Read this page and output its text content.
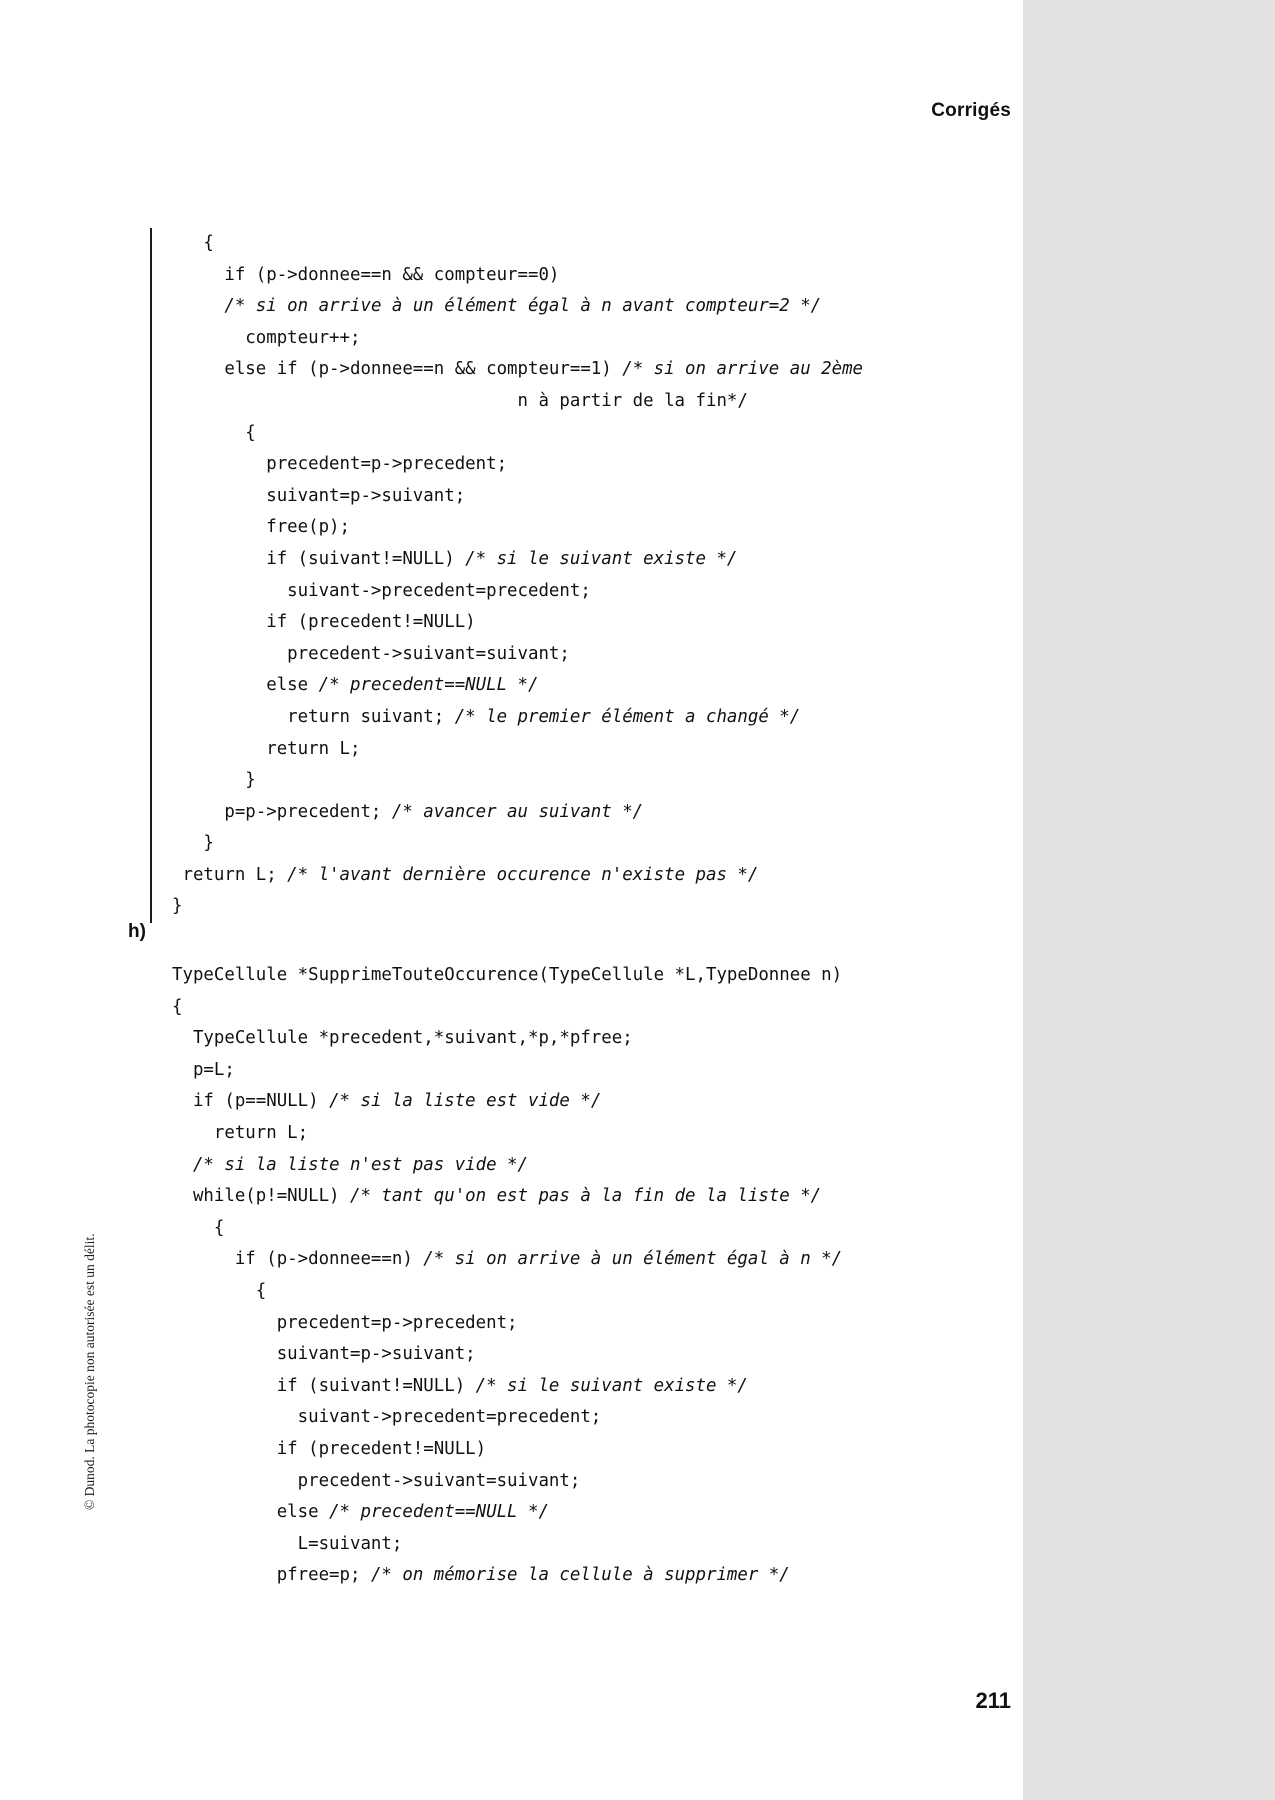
Corrigés
{
if (p->donnee==n && compteur==0)
/* si on arrive à un élément égal à n avant compteur=2 */
compteur++;
else if (p->donnee==n && compteur==1) /* si on arrive au 2ème
n à partir de la fin*/
{
precedent=p->precedent;
suivant=p->suivant;
free(p);
if (suivant!=NULL) /* si le suivant existe */
suivant->precedent=precedent;
if (precedent!=NULL)
precedent->suivant=suivant;
else /* precedent==NULL */
return suivant; /* le premier élément a changé */
return L;
}
p=p->precedent; /* avancer au suivant */
}
return L; /* l'avant dernière occurence n'existe pas */
}
h)
TypeCellule *SupprimeTouteOccurence(TypeCellule *L,TypeDonnee n)
{
TypeCellule *precedent,*suivant,*p,*pfree;
p=L;
if (p==NULL) /* si la liste est vide */
return L;
/* si la liste n'est pas vide */
while(p!=NULL) /* tant qu'on est pas à la fin de la liste */
{
if (p->donnee==n) /* si on arrive à un élément égal à n */
{
precedent=p->precedent;
suivant=p->suivant;
if (suivant!=NULL) /* si le suivant existe */
suivant->precedent=precedent;
if (precedent!=NULL)
precedent->suivant=suivant;
else /* precedent==NULL */
L=suivant;
pfree=p; /* on mémorise la cellule à supprimer */
© Dunod. La photocopie non autorisée est un délit.
211
